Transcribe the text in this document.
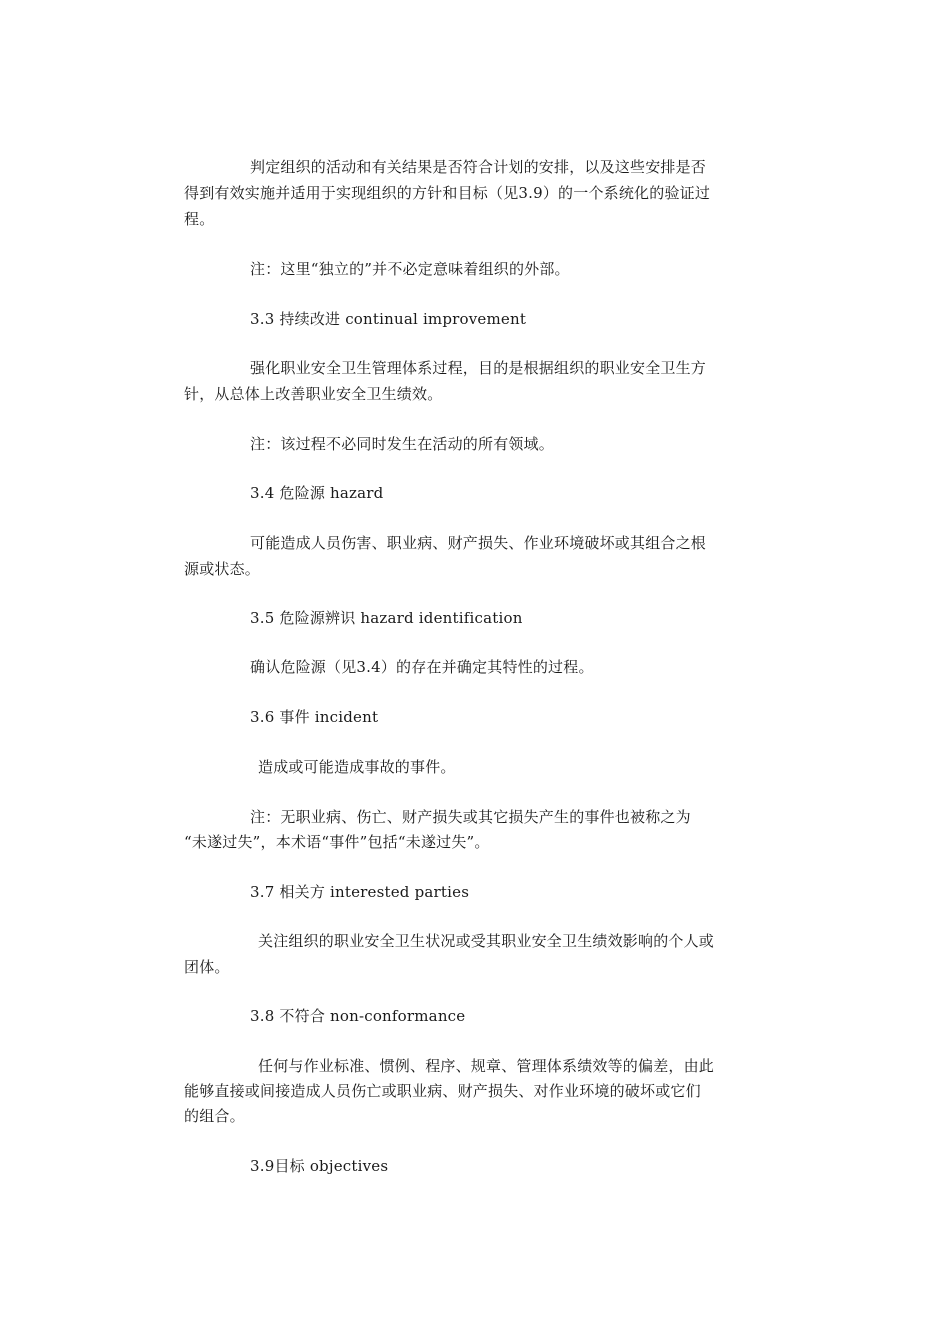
判定组织的活动和有关结果是否符合计划的安排，以及这些安排是否
得到有效实施并适用于实现组织的方针和目标（见3.9）的一个系统化的验证过
程。
注：这里“独立的”并不必定意味着组织的外部。
3.3 持续改进 continual improvement
强化职业安全卫生管理体系过程，目的是根据组织的职业安全卫生方
针，从总体上改善职业安全卫生绩效。
注：该过程不必同时发生在活动的所有领域。
3.4 危险源 hazard
可能造成人员伤害、职业病、财产损失、作业环境破坏或其组合之根
源或状态。
3.5 危险源辨识 hazard identification
确认危险源（见3.4）的存在并确定其特性的过程。
3.6 事件 incident
造成或可能造成事故的事件。
注：无职业病、伤亡、财产损失或其它损失产生的事件也被称之为
“未遂过失”，本术语“事件”包括“未遂过失”。
3.7 相关方 interested parties
关注组织的职业安全卫生状况或受其职业安全卫生绩效影响的个人或
团体。
3.8 不符合 non-conformance
任何与作业标准、惯例、程序、规章、管理体系绩效等的偏差，由此
能够直接或间接造成人员伤亡或职业病、财产损失、对作业环境的破坏或它们
的组合。
3.9目标 objectives
